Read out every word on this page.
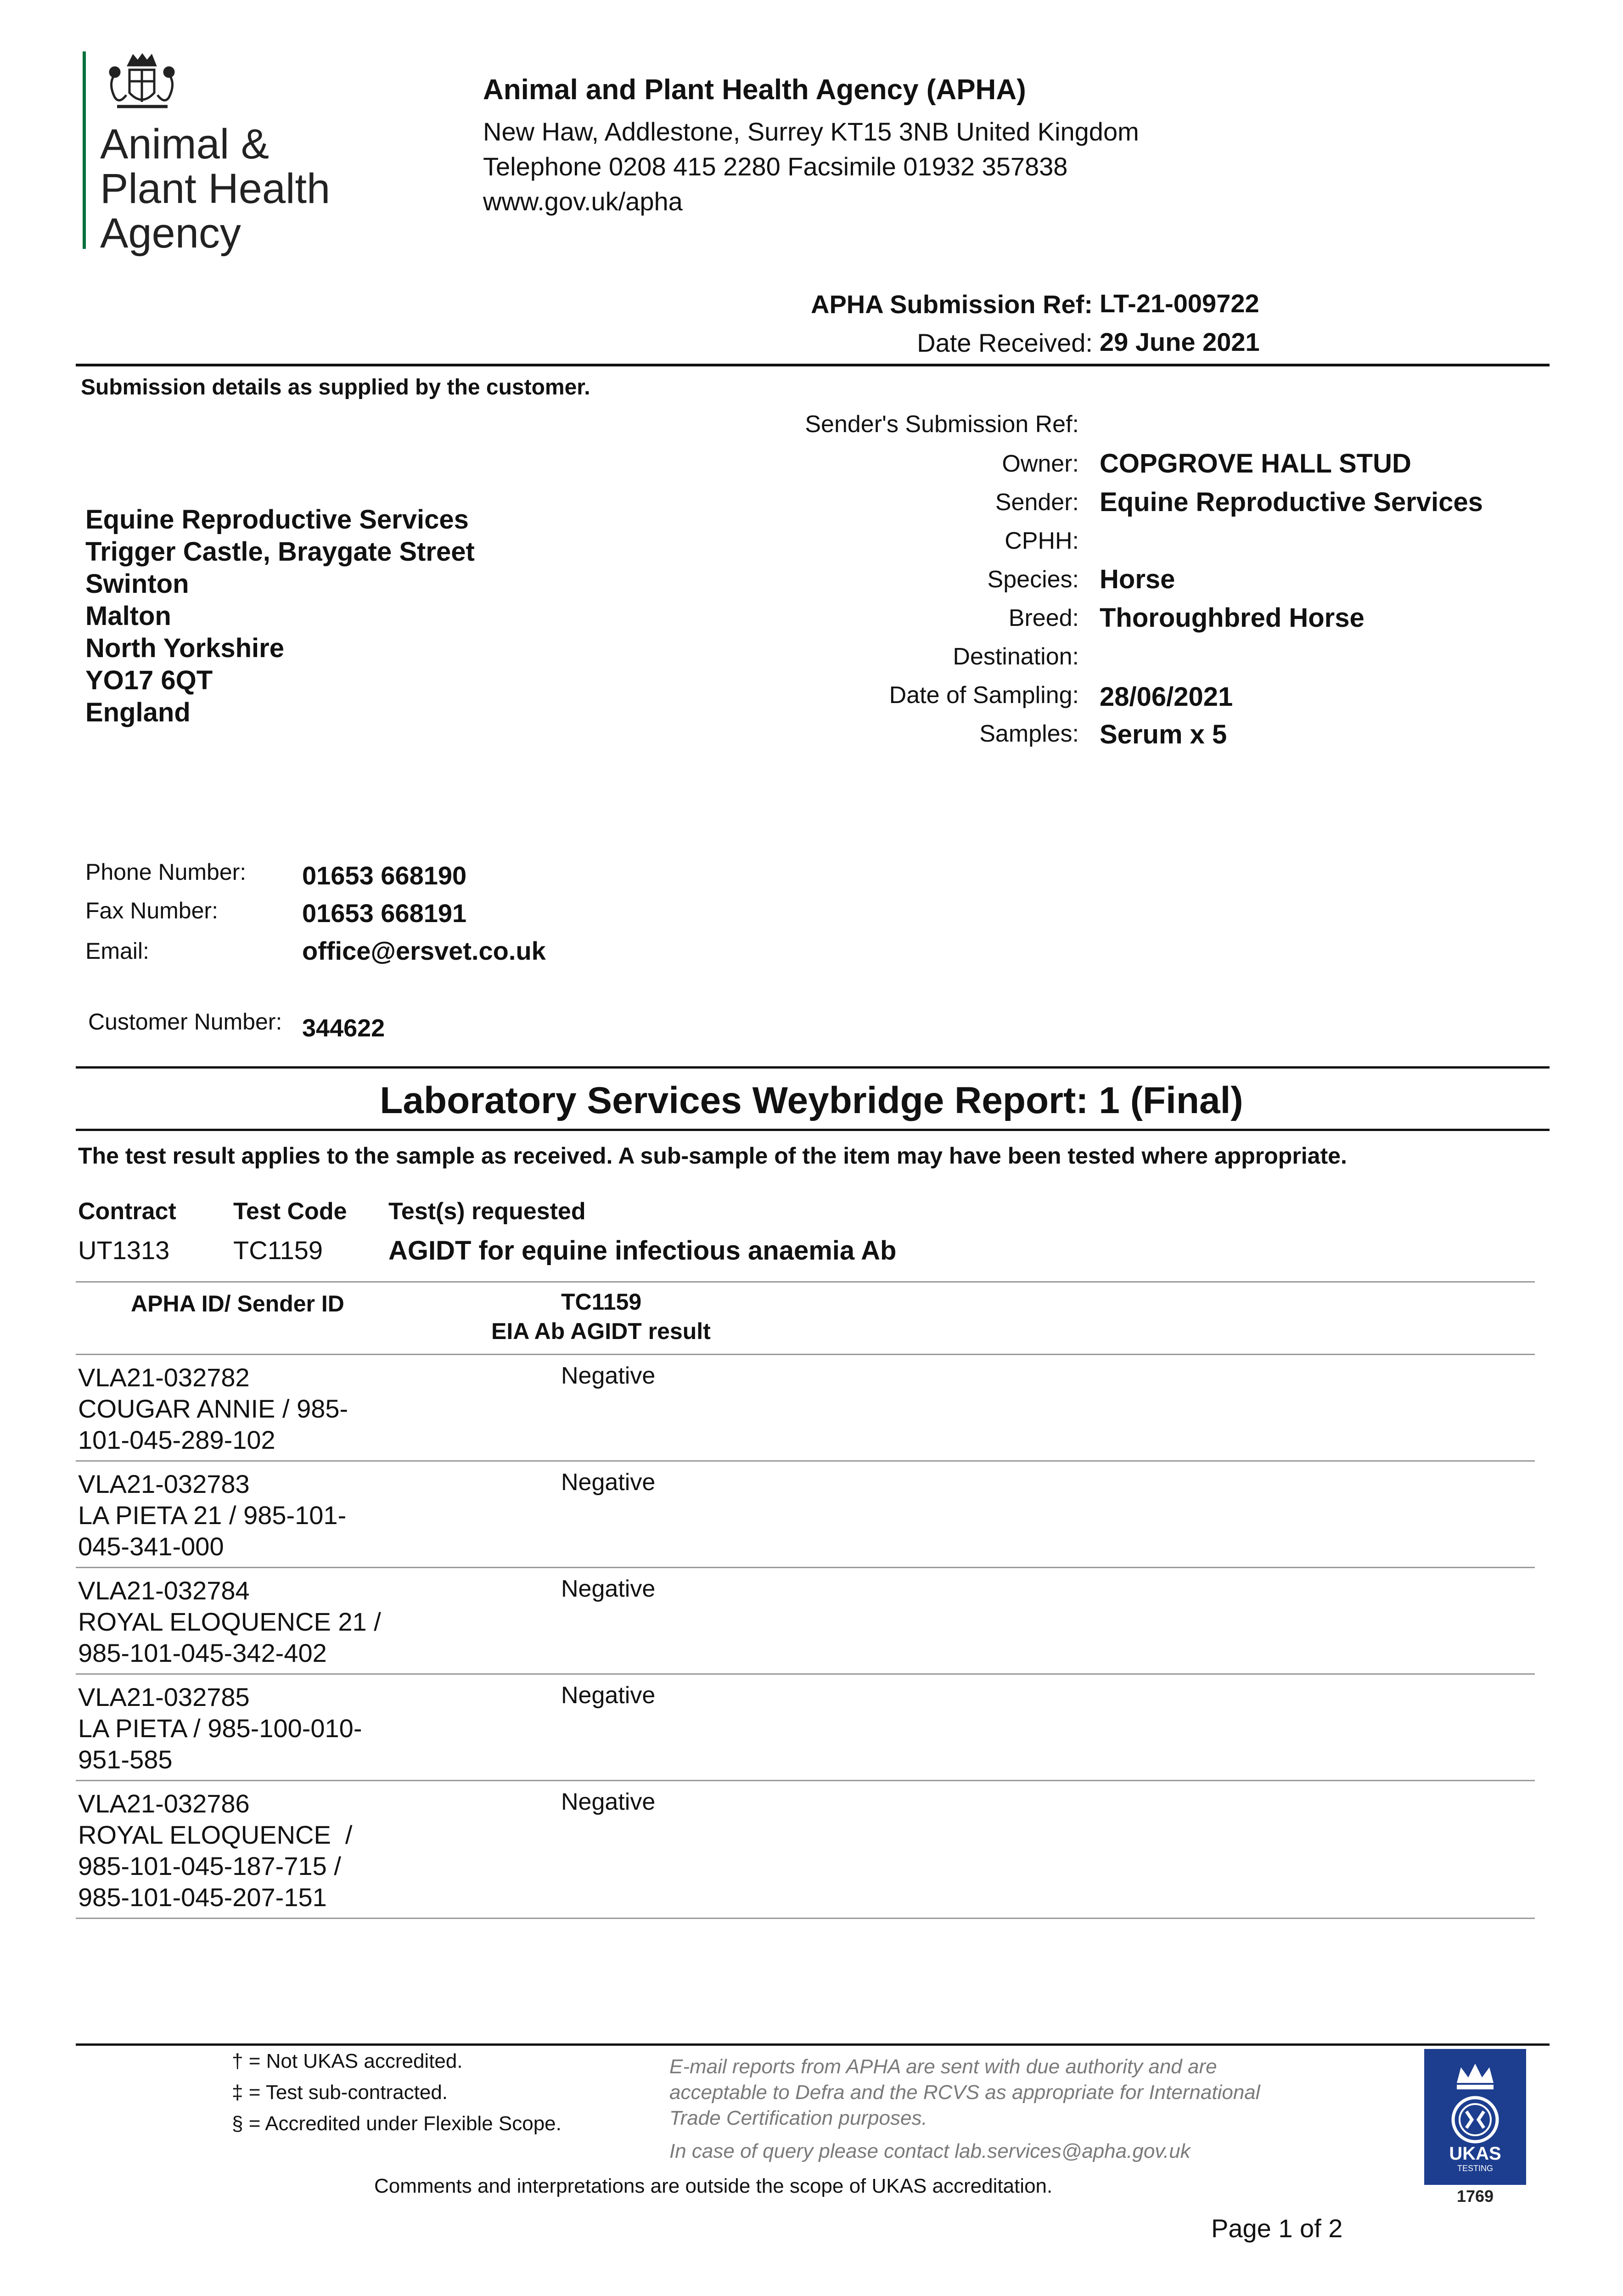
Animal &
Plant Health
Agency
Animal and Plant Health Agency (APHA)
New Haw, Addlestone, Surrey KT15 3NB United Kingdom
Telephone 0208 415 2280 Facsimile 01932 357838
www.gov.uk/apha
APHA Submission Ref: LT-21-009722
Date Received: 29 June 2021
Submission details as supplied by the customer.
Sender's Submission Ref:
Owner: COPGROVE HALL STUD
Sender: Equine Reproductive Services
CPHH:
Species: Horse
Breed: Thoroughbred Horse
Destination:
Date of Sampling: 28/06/2021
Samples: Serum x 5
Equine Reproductive Services
Trigger Castle, Braygate Street
Swinton
Malton
North Yorkshire
YO17 6QT
England
Phone Number: 01653 668190
Fax Number:	01653 668191
Email:	office@ersvet.co.uk
Customer Number: 344622
Laboratory Services Weybridge Report: 1 (Final)
The test result applies to the sample as received. A sub-sample of the item may have been tested where appropriate.
Contract Test Code Test(s) requested
UT1313 TC1159 AGIDT for equine infectious anaemia Ab
APHA ID/ Sender ID	TC1159
EIA Ab AGIDT result
VLA21-032782
COUGAR ANNIE / 985-
101-045-289-102
Negative
VLA21-032783
LA PIETA 21 / 985-101-
045-341-000
Negative
VLA21-032784
ROYAL ELOQUENCE 21 /
985-101-045-342-402
Negative
VLA21-032785
LA PIETA / 985-100-010-
951-585
Negative
VLA21-032786
ROYAL ELOQUENCE  /
985-101-045-187-715 /
985-101-045-207-151
Negative
† = Not UKAS accredited.
‡ = Test sub-contracted.
§ = Accredited under Flexible Scope.
E-mail reports from APHA are sent with due authority and are
acceptable to Defra and the RCVS as appropriate for International
Trade Certification purposes.
In case of query please contact lab.services@apha.gov.uk
Comments and interpretations are outside the scope of UKAS accreditation.
Page 1 of 2
UKAS
TESTING
1769
